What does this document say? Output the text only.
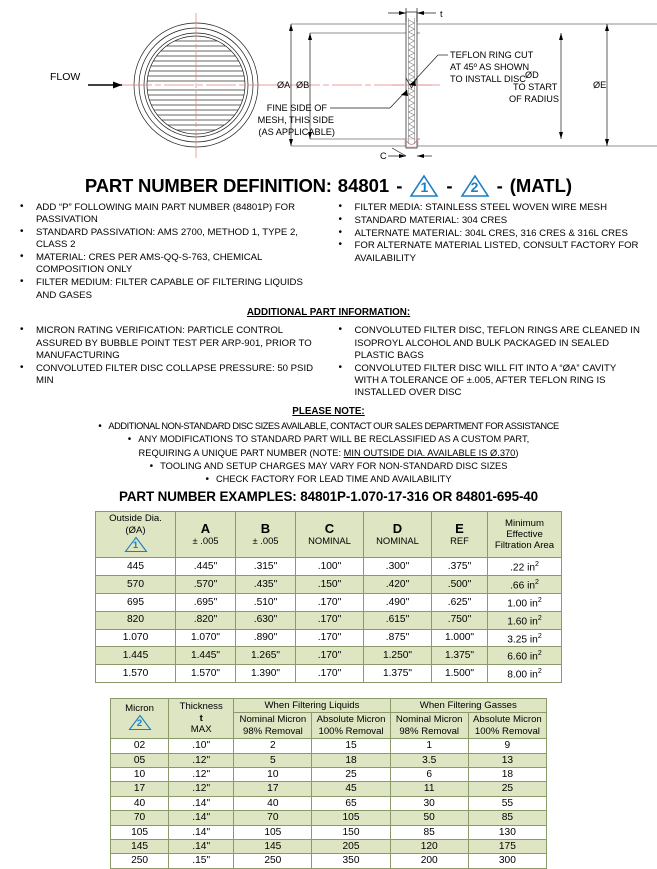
FLOW
ØA ØB
ØD
TO START
OF RADIUS
ØE
t
C
TEFLON RING CUT
AT 45º AS SHOWN
TO INSTALL DISC
FINE SIDE OF
MESH, THIS SIDE
(AS APPLICABLE)
PART NUMBER DEFINITION: 84801 -	1 -	2 - (MATL)
• ADD “P” FOLLOWING MAIN PART NUMBER (84801P) FOR PASSIVATION
• STANDARD PASSIVATION: AMS 2700, METHOD 1, TYPE 2, CLASS 2
• MATERIAL: CRES PER AMS-QQ-S-763, CHEMICAL COMPOSITION ONLY
• FILTER MEDIUM: FILTER CAPABLE OF FILTERING LIQUIDS AND GASES
• FILTER MEDIA: STAINLESS STEEL WOVEN WIRE MESH
• STANDARD MATERIAL: 304 CRES
• ALTERNATE MATERIAL: 304L CRES, 316 CRES & 316L CRES
• FOR ALTERNATE MATERIAL LISTED, CONSULT FACTORY FOR AVAILABILITY
ADDITIONAL PART INFORMATION:
• MICRON RATING VERIFICATION: PARTICLE CONTROL ASSURED BY BUBBLE POINT TEST PER ARP-901, PRIOR TO MANUFACTURING
• CONVOLUTED FILTER DISC COLLAPSE PRESSURE: 50 PSID MIN
• CONVOLUTED FILTER DISC, TEFLON RINGS ARE CLEANED IN ISOPROYL ALCOHOL AND BULK PACKAGED IN SEALED PLASTIC BAGS
• CONVOLUTED FILTER DISC WILL FIT INTO A “ØA” CAVITY WITH A TOLERANCE OF ±.005, AFTER TEFLON RING IS INSTALLED OVER DISC
PLEASE NOTE:
• ADDITIONAL NON-STANDARD DISC SIZES AVAILABLE, CONTACT OUR SALES DEPARTMENT FOR ASSISTANCE
• ANY MODIFICATIONS TO STANDARD PART WILL BE RECLASSIFIED AS A CUSTOM PART,
REQUIRING A UNIQUE PART NUMBER (NOTE: MIN OUTSIDE DIA. AVAILABLE IS Ø.370)
• TOOLING AND SETUP CHARGES MAY VARY FOR NON-STANDARD DISC SIZES
• CHECK FACTORY FOR LEAD TIME AND AVAILABILITY
PART NUMBER EXAMPLES: 84801P-1.070-17-316 OR 84801-695-40
Outside Dia.
(ØA)
1	A
± .005	B
± .005	C
NOMINAL	D
NOMINAL	E
REF	Minimum Effective
Filtration Area

445	.445"	.315"	.100"	.300"	.375"	.22 $in^2$
570	.570"	.435"	.150"	.420"	.500"	.66 $in^2$
695	.695"	.510"	.170"	.490"	.625"	1.00 $in^2$
820	.820"	.630"	.170"	.615"	.750"	1.60 $in^2$
1.070	1.070"	.890"	.170"	.875"	1.000"	3.25 $in^2$
1.445	1.445"	1.265"	.170"	1.250"	1.375"	6.60 $in^2$
1.570	1.570"	1.390"	.170"	1.375"	1.500"	8.00 $in^2$
Micron
2	Thickness
t
MAX	When Filtering Liquids		When Filtering Gasses	
		Nominal Micron 98% Removal	Absolute Micron 100% Removal	Nominal Micron 98% Removal	Absolute Micron 100% Removal
02	.10"	2	15	1	9
05	.12"	5	18	3.5	13
10	.12"	10	25	6	18
17	.12"	17	45	11	25
40	.14"	40	65	30	55
70	.14"	70	105	50	85
105	.14"	105	150	85	130
145	.14"	145	205	120	175
250	.15"	250	350	200	300
